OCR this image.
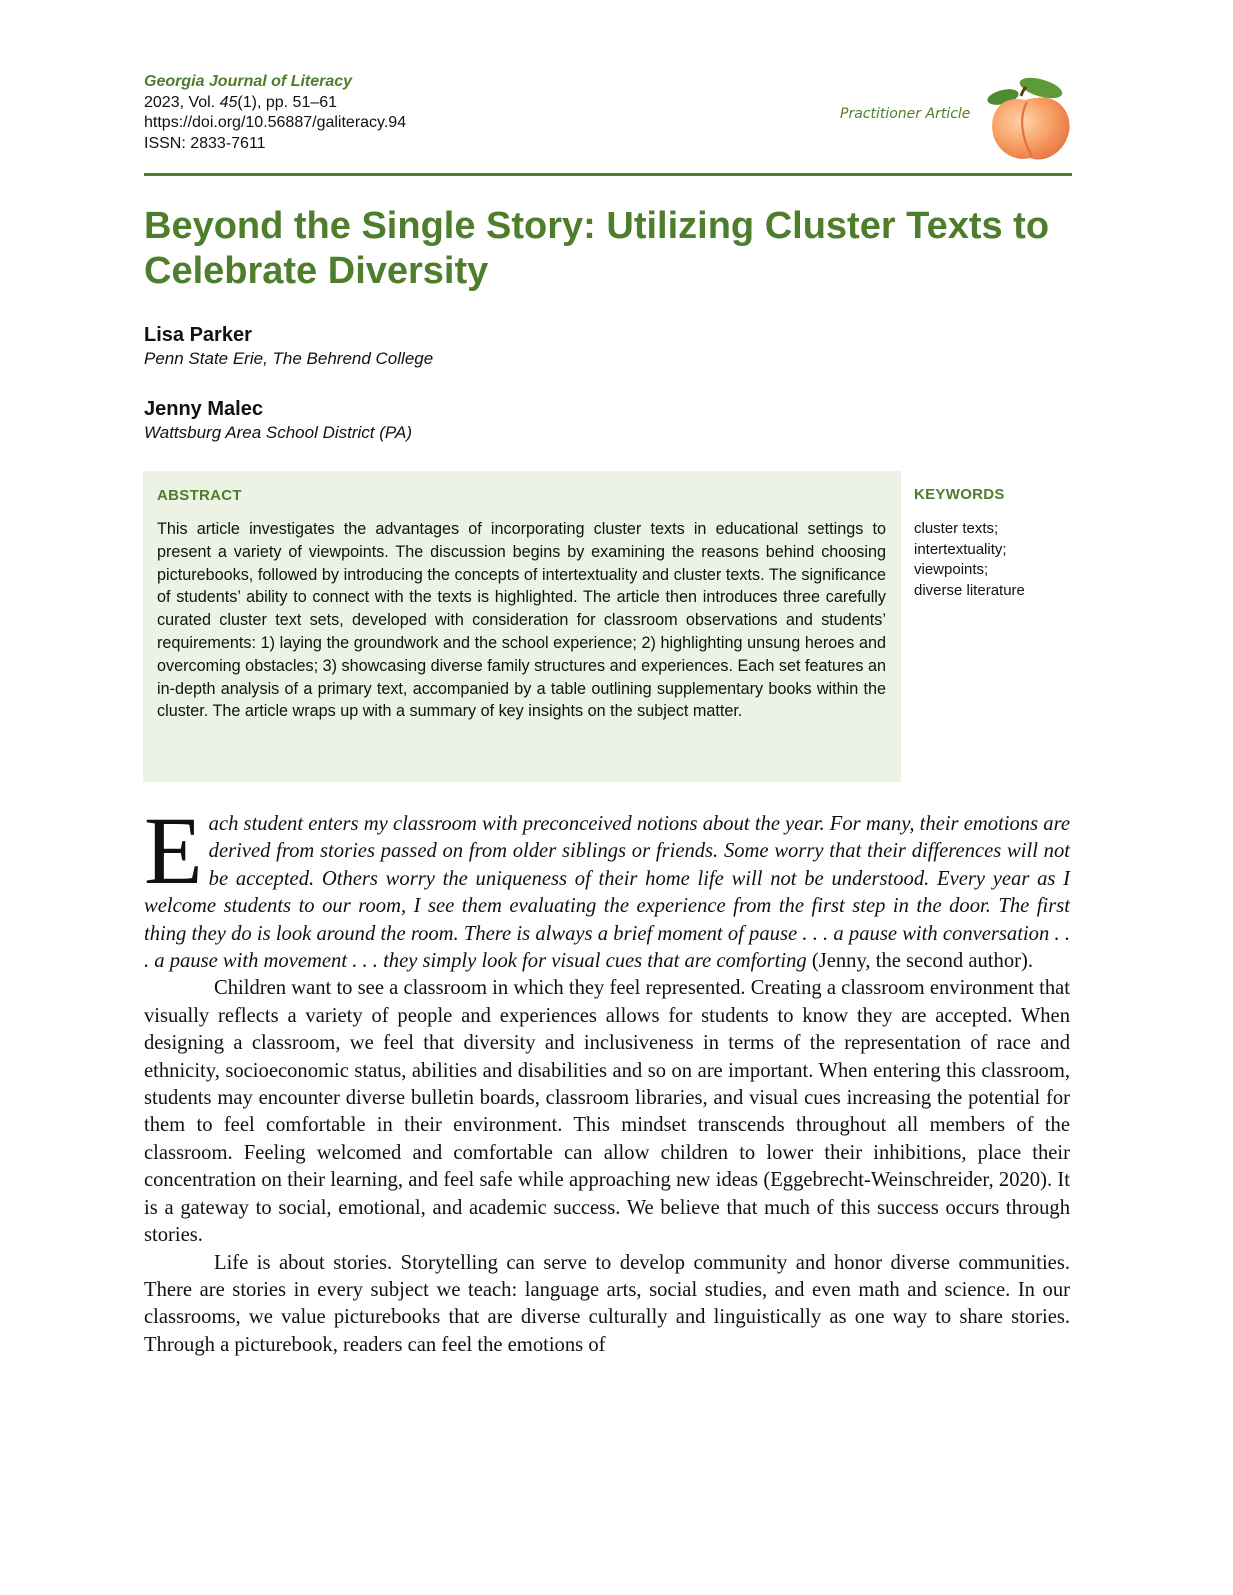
Georgia Journal of Literacy
2023, Vol. 45(1), pp. 51–61
https://doi.org/10.56887/galiteracy.94
ISSN: 2833-7611
Practitioner Article
Beyond the Single Story: Utilizing Cluster Texts to Celebrate Diversity
Lisa Parker
Penn State Erie, The Behrend College
Jenny Malec
Wattsburg Area School District (PA)
ABSTRACT

This article investigates the advantages of incorporating cluster texts in educational settings to present a variety of viewpoints. The discussion begins by examining the reasons behind choosing picturebooks, followed by introducing the concepts of intertextuality and cluster texts. The significance of students’ ability to connect with the texts is highlighted. The article then introduces three carefully curated cluster text sets, developed with consideration for classroom observations and students’ requirements: 1) laying the groundwork and the school experience; 2) highlighting unsung heroes and overcoming obstacles; 3) showcasing diverse family structures and experiences. Each set features an in-depth analysis of a primary text, accompanied by a table outlining supplementary books within the cluster. The article wraps up with a summary of key insights on the subject matter.

KEYWORDS
cluster texts;
intertextuality;
viewpoints;
diverse literature

Each student enters my classroom with preconceived notions about the year. For many, their emotions are derived from stories passed on from older siblings or friends. Some worry that their differences will not be accepted. Others worry the uniqueness of their home life will not be understood. Every year as I welcome students to our room, I see them evaluating the experience from the first step in the door. The first thing they do is look around the room. There is always a brief moment of pause . . . a pause with conversation . . . a pause with movement . . . they simply look for visual cues that are comforting (Jenny, the second author).

Children want to see a classroom in which they feel represented. Creating a classroom environment that visually reflects a variety of people and experiences allows for students to know they are accepted. When designing a classroom, we feel that diversity and inclusiveness in terms of the representation of race and ethnicity, socioeconomic status, abilities and disabilities and so on are important. When entering this classroom, students may encounter diverse bulletin boards, classroom libraries, and visual cues increasing the potential for them to feel comfortable in their environment. This mindset transcends throughout all members of the classroom. Feeling welcomed and comfortable can allow children to lower their inhibitions, place their concentration on their learning, and feel safe while approaching new ideas (Eggebrecht-Weinschreider, 2020). It is a gateway to social, emotional, and academic success. We believe that much of this success occurs through stories.

Life is about stories. Storytelling can serve to develop community and honor diverse communities. There are stories in every subject we teach: language arts, social studies, and even math and science. In our classrooms, we value picturebooks that are diverse culturally and linguistically as one way to share stories. Through a picturebook, readers can feel the emotions of
